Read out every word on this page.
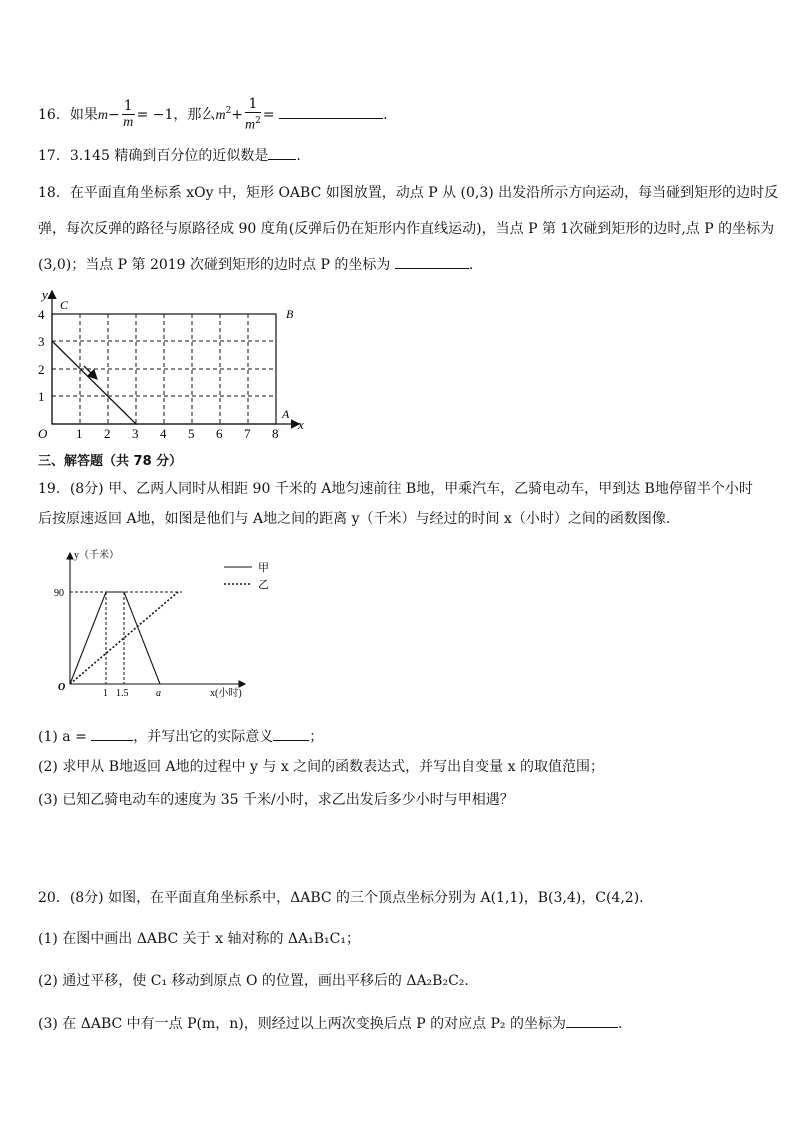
16．如果$m- \frac{1}{m} = -1$，那么$m^2+ \frac{1}{m^2}$ =	.
17．3.145 精确到百分位的近似数是 .
18．在平面直角坐标系 xOy 中，矩形 OABC 如图放置，动点 P 从 (0,3) 出发沿所示方向运动，每当碰到矩形的边时反
弹，每次反弹的路径与原路径成 90 度角(反弹后仍在矩形内作直线运动)，当点 P 第 1次碰到矩形的边时,点 P 的坐标为
(3,0)；当点 P 第 2019 次碰到矩形的边时点 P 的坐标为	.
y
x
O
C
B
A
1 2 3 4 5 6 7 8
1
2
3
4
三、解答题（共 78 分）
19．(8分) 甲、乙两人同时从相距 90 千米的 A地匀速前往 B地，甲乘汽车，乙骑电动车，甲到达 B地停留半个小时
后按原速返回 A地，如图是他们与 A地之间的距离 y（千米）与经过的时间 x（小时）之间的函数图像.
甲
乙
y（千米）
x(小时)
O
90
1 1.5	a
(1) a =	，并写出它的实际意义	；
(2) 求甲从 B地返回 A地的过程中 y 与 x 之间的函数表达式，并写出自变量 x 的取值范围；
(3) 已知乙骑电动车的速度为 35 千米/小时，求乙出发后多少小时与甲相遇？
20．(8分) 如图，在平面直角坐标系中，ΔABC 的三个顶点坐标分别为 A(1,1)，B(3,4)，C(4,2).
(1) 在图中画出 ΔABC 关于 x 轴对称的 ΔA₁B₁C₁；
(2) 通过平移，使 C₁ 移动到原点 O 的位置，画出平移后的 ΔA₂B₂C₂.
(3) 在 ΔABC 中有一点 P(m，n)，则经过以上两次变换后点 P 的对应点 P₂ 的坐标为	.
